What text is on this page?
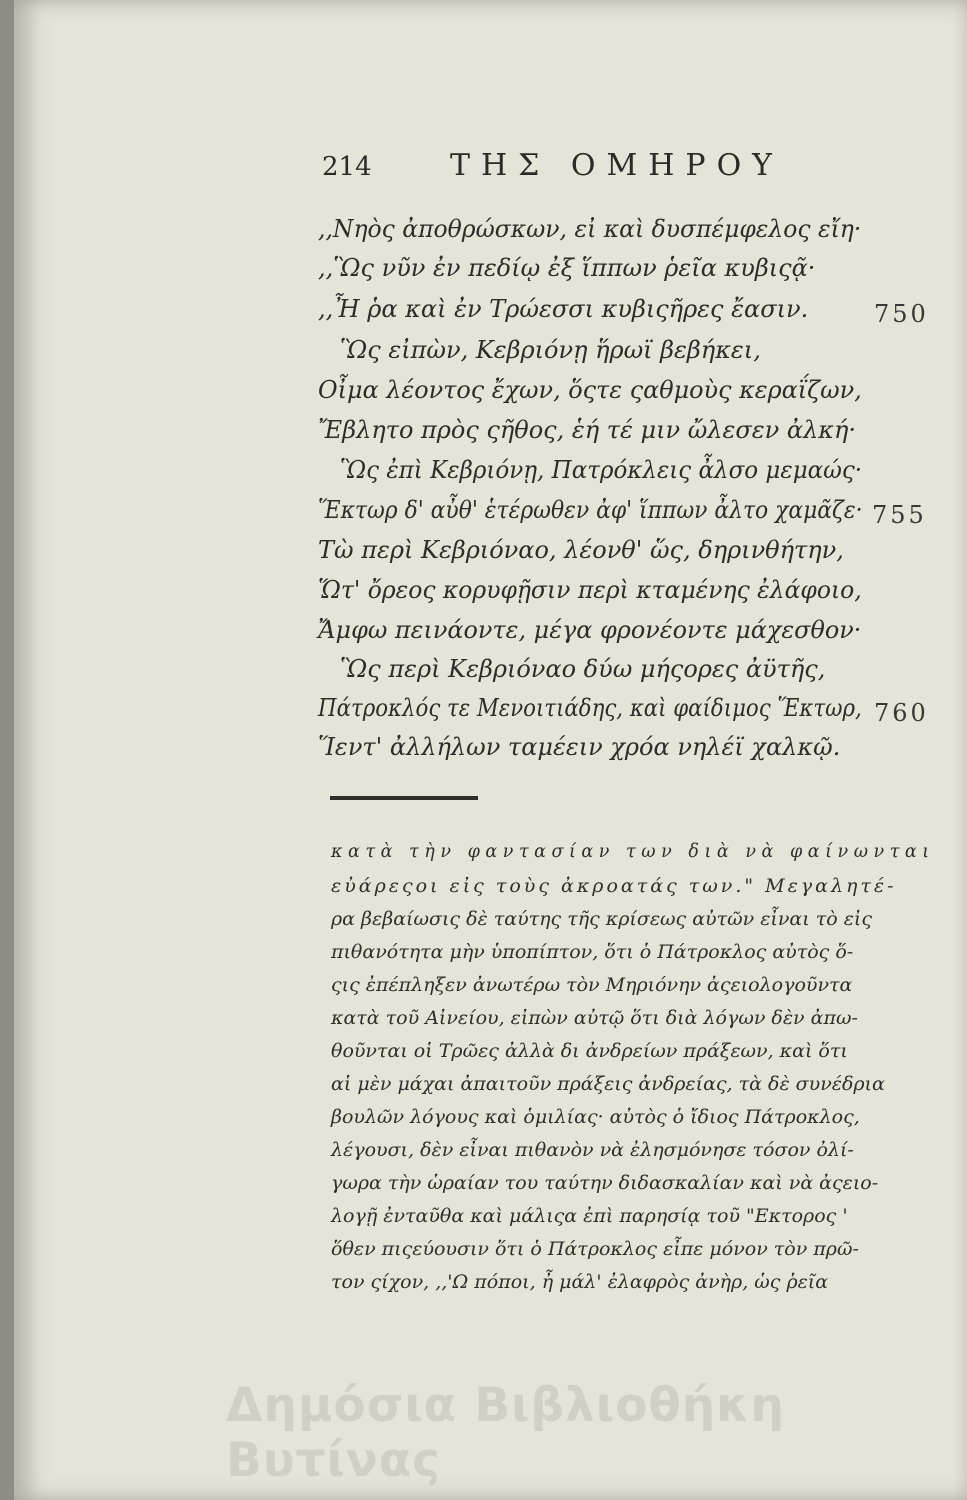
214	ΤΗΣ ΟΜΗΡΟΥ
,,Νηὸς ἀποθρώσκων, εἰ καὶ δυσπέμφελος εἴη·
,,Ὣς νῦν ἐν πεδίῳ ἐξ ἵππων ῥεῖα κυβιςᾷ·
,,Ἦ ῥα καὶ ἐν Τρώεσσι κυβιςῆρες ἔασιν.	750
Ὣς εἰπὼν, Κεβριόνῃ ἥρωϊ βεβήκει,
Οἶμα λέοντος ἔχων, ὅςτε ςαθμοὺς κεραΐζων,
Ἔβλητο πρὸς ςῆθος, ἑή τέ μιν ὤλεσεν ἀλκή·
Ὣς ἐπὶ Κεβριόνῃ, Πατρόκλεις ἆλσο μεμαώς·
Ἕκτωρ δ' αὖθ' ἑτέρωθεν ἀφ' ἵππων ἆλτο χαμᾶζε· 755
Τὼ περὶ Κεβριόναο, λέονθ' ὥς, δηρινθήτην,
Ὥτ' ὄρεος κορυφῇσιν περὶ κταμένης ἐλάφοιο,
Ἄμφω πεινάοντε, μέγα φρονέοντε μάχεσθον·
Ὣς περὶ Κεβριόναο δύω μήςορες ἀϋτῆς,
Πάτροκλός τε Μενοιτιάδης, καὶ φαίδιμος Ἕκτωρ, 760
Ἵεντ' ἀλλήλων ταμέειν χρόα νηλέϊ χαλκῷ.
κατὰ τὴν φαντασίαν των διὰ νὰ φαίνωνται
εὐάρεςοι εἰς τοὺς ἀκροατάς των." Μεγαλητέ-
ρα βεβαίωσις δὲ ταύτης τῆς κρίσεως αὐτῶν εἶναι τὸ εἰς
πιθανότητα μὴν ὑποπίπτον, ὅτι ὁ Πάτροκλος αὐτὸς ὅ-
ςις ἐπέπληξεν ἀνωτέρω τὸν Μηριόνην ἀςειολογοῦντα
κατὰ τοῦ Αἰνείου, εἰπὼν αὐτῷ ὅτι διὰ λόγων δὲν ἀπω-
θοῦνται οἱ Τρῶες ἀλλὰ δι ἀνδρείων πράξεων, καὶ ὅτι
αἱ μὲν μάχαι ἀπαιτοῦν πράξεις ἀνδρείας, τὰ δὲ συνέδρια
βουλῶν λόγους καὶ ὁμιλίας· αὐτὸς ὁ ἴδιος Πάτροκλος,
λέγουσι, δὲν εἶναι πιθανὸν νὰ ἐλησμόνησε τόσον ὀλί-
γωρα τὴν ὡραίαν του ταύτην διδασκαλίαν καὶ νὰ ἀςειο-
λογῇ ἐνταῦθα καὶ μάλιςα ἐπὶ παρησίᾳ τοῦ "Εκτορος '
ὅθεν πιςεύουσιν ὅτι ὁ Πάτροκλος εἶπε μόνον τὸν πρῶ-
τον ςίχον, ,,'Ω πόποι, ἦ μάλ' ἐλαφρὸς ἀνὴρ, ὡς ῥεῖα
Δημόσια Βιβλιοθήκη Βυτίνας
